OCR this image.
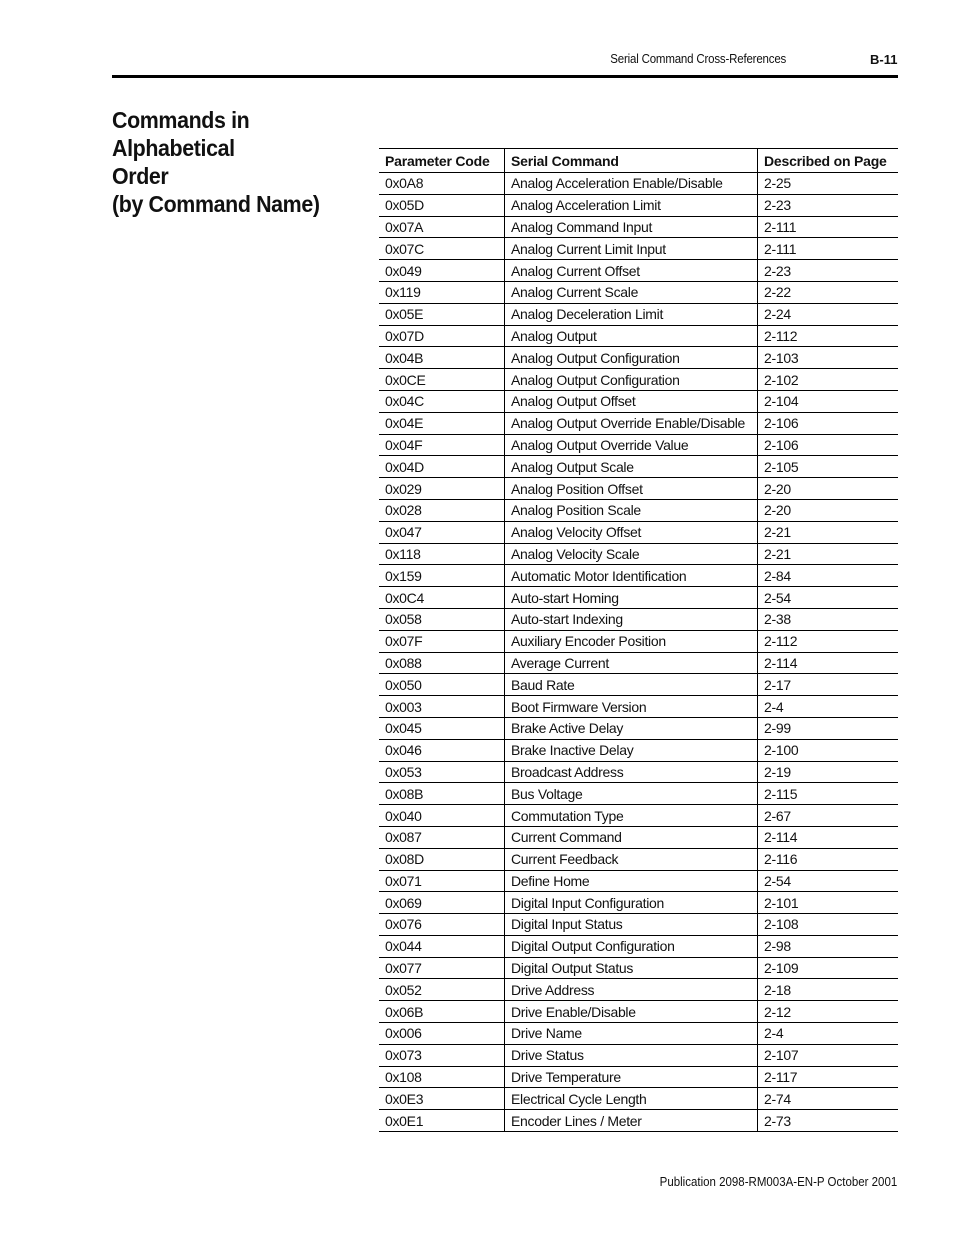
Serial Command Cross-References	B-11
Commands in Alphabetical
Order
(by Command Name)
Parameter Code	Serial Command	Described on Page
0x0A8	Analog Acceleration Enable/Disable	2-25
0x05D	Analog Acceleration Limit	2-23
0x07A	Analog Command Input	2-111
0x07C	Analog Current Limit Input	2-111
0x049	Analog Current Offset	2-23
0x119	Analog Current Scale	2-22
0x05E	Analog Deceleration Limit	2-24
0x07D	Analog Output	2-112
0x04B	Analog Output Configuration	2-103
0x0CE	Analog Output Configuration	2-102
0x04C	Analog Output Offset	2-104
0x04E	Analog Output Override Enable/Disable	2-106
0x04F	Analog Output Override Value	2-106
0x04D	Analog Output Scale	2-105
0x029	Analog Position Offset	2-20
0x028	Analog Position Scale	2-20
0x047	Analog Velocity Offset	2-21
0x118	Analog Velocity Scale	2-21
0x159	Automatic Motor Identification	2-84
0x0C4	Auto-start Homing	2-54
0x058	Auto-start Indexing	2-38
0x07F	Auxiliary Encoder Position	2-112
0x088	Average Current	2-114
0x050	Baud Rate	2-17
0x003	Boot Firmware Version	2-4
0x045	Brake Active Delay	2-99
0x046	Brake Inactive Delay	2-100
0x053	Broadcast Address	2-19
0x08B	Bus Voltage	2-115
0x040	Commutation Type	2-67
0x087	Current Command	2-114
0x08D	Current Feedback	2-116
0x071	Define Home	2-54
0x069	Digital Input Configuration	2-101
0x076	Digital Input Status	2-108
0x044	Digital Output Configuration	2-98
0x077	Digital Output Status	2-109
0x052	Drive Address	2-18
0x06B	Drive Enable/Disable	2-12
0x006	Drive Name	2-4
0x073	Drive Status	2-107
0x108	Drive Temperature	2-117
0x0E3	Electrical Cycle Length	2-74
0x0E1	Encoder Lines / Meter	2-73
Publication 2098-RM003A-EN-P October 2001
